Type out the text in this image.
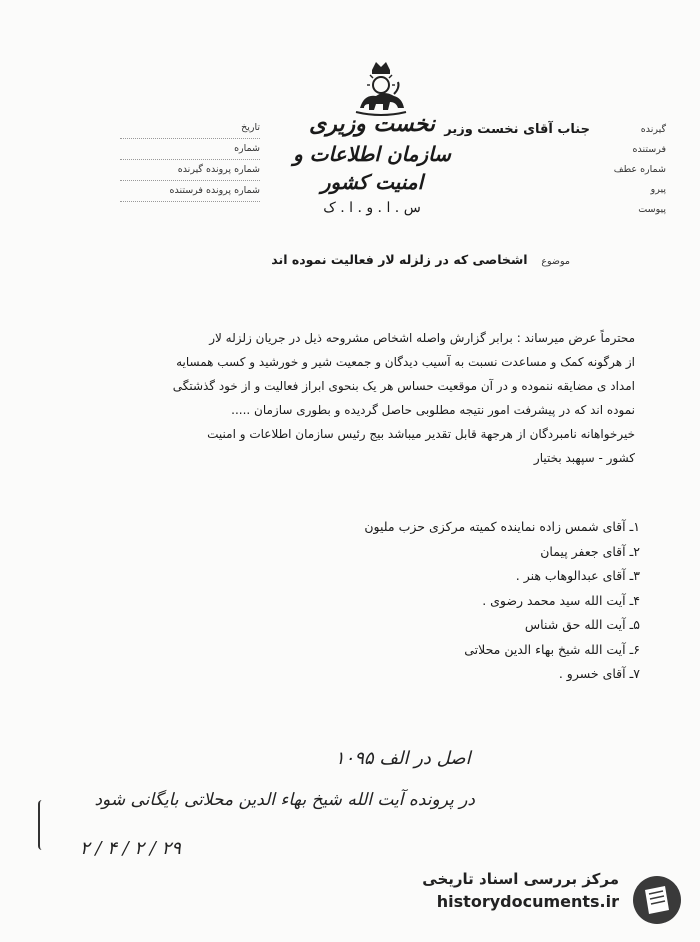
نخست وزیری
سازمان اطلاعات و امنیت کشور
س . ا . و . ا . ک
تاریخ
شماره
شماره پرونده گیرنده
شماره پرونده فرستنده
گیرنده
فرستنده
شماره عطف
پیرو
پیوست
جناب آقای نخست وزیر
موضوع اشخاصی که در زلزله لار فعالیت نموده اند

محترماً عرض میرساند : برابر گزارش واصله اشخاص مشروحه ذیل در جریان زلزله لار

از هرگونه کمک و مساعدت نسبت به آسیب دیدگان و جمعیت شیر و خورشید و کسب همسایه

امداد ی مضایقه ننموده و در آن موقعیت حساس هر یک بنحوی ابراز فعالیت و از خود گذشتگی

نموده اند که در پیشرفت امور نتیجه مطلوبی حاصل گردیده و بطوری سازمان .....

خیرخواهانه نامبردگان از هرجهة قابل تقدیر میباشد بیج رئیس سازمان اطلاعات و امنیت

کشور - سپهبد بختیار

۱ـ آقای شمس زاده نماینده کمیته مرکزی حزب ملیون
۲ـ آقای جعفر پیمان
۳ـ آقای عبدالوهاب هنر .
۴ـ آیت الله سید محمد رضوی .
۵ـ آیت الله حق شناس
۶ـ آیت الله شیخ بهاء الدین محلاتی
۷ـ آقای خسرو .
اصل در الف ۱۰۹۵
در پرونده آیت الله شیخ بهاء الدین محلاتی بایگانی شود
۲۹ / ۲ / ۴ / ۲
مرکز بررسی اسناد تاریخی
historydocuments.ir
